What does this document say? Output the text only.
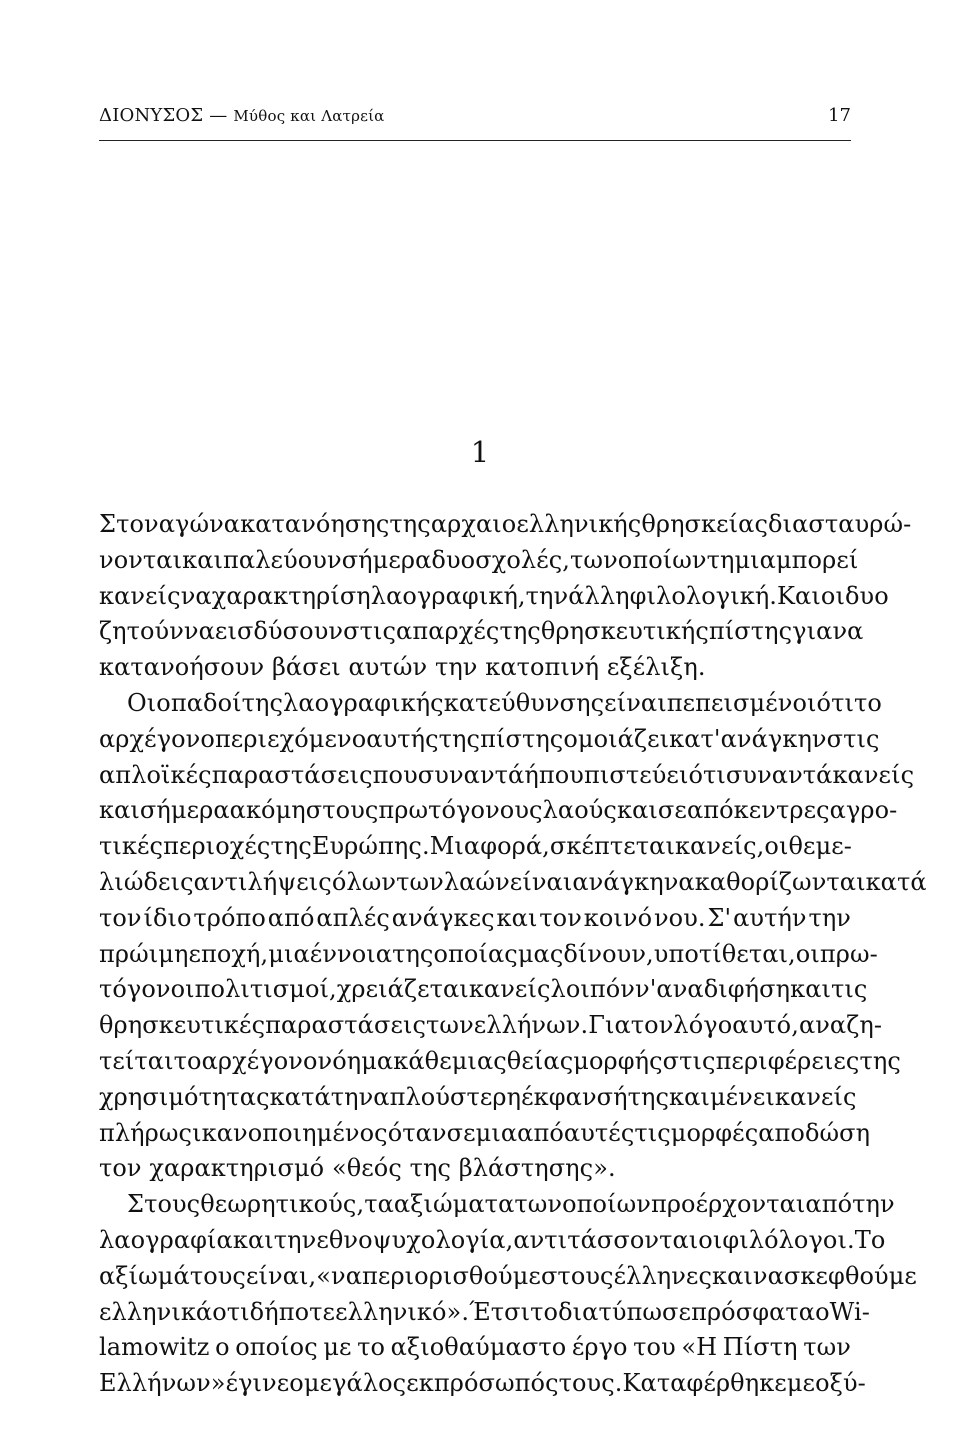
ΔΙΟΝΥΣΟΣ — Μύθος και Λατρεία	17
1
Στον αγώνα κατανόησης της αρχαιοελληνικής θρησκείας διασταυρώ-
νονται και παλεύουν σήμερα δυο σχολές, των οποίων τη μια μπορεί
κανείς να χαρακτηρίση λαογραφική, την άλλη φιλολογική. Και οι δυο
ζητούν να εισδύσουν στις απαρχές της θρησκευτικής πίστης για να
κατανοήσουν βάσει αυτών την κατοπινή εξέλιξη.
Οι οπαδοί της λαογραφικής κατεύθυνσης είναι πεπεισμένοι ότι το
αρχέγονο περιεχόμενο αυτής της πίστης ομοιάζει κατ' ανάγκην στις
απλοϊκές παραστάσεις που συναντά ή που πιστεύει ότι συναντά κανείς
και σήμερα ακόμη στους πρωτόγονους λαούς και σε απόκεντρες αγρο-
τικές περιοχές της Ευρώπης. Μια φορά, σκέπτεται κανείς, οι θεμε-
λιώδεις αντιλήψεις όλων των λαών είναι ανάγκη να καθορίζωνται κατά
τον ίδιο τρόπο από απλές ανάγκες και τον κοινό νου. Σ' αυτήν την
πρώιμη εποχή, μια έννοια της οποίας μας δίνουν, υποτίθεται, οι πρω-
τόγονοι πολιτισμοί, χρειάζεται κανείς λοιπόν ν' αναδιφήση και τις
θρησκευτικές παραστάσεις των ελλήνων. Για τον λόγο αυτό, αναζη-
τείται το αρχέγονο νόημα κάθε μιας θείας μορφής στις περιφέρειες της
χρησιμότητας κατά την απλούστερη έκφανσή της και μένει κανείς
πλήρως ικανοποιημένος όταν σε μια από αυτές τις μορφές αποδώση
τον χαρακτηρισμό «θεός της βλάστησης».
Στους θεωρητικούς, τα αξιώματα των οποίων προέρχονται από την
λαογραφία και την εθνοψυχολογία, αντιτάσσονται οι φιλόλογοι. Το
αξίωμά τους είναι, «να περιορισθούμε στους έλληνες και να σκεφθούμε
ελληνικά οτιδήποτε ελληνικό». Έτσι το διατύπωσε πρόσφατα ο Wi-
lamowitz ο οποίος με το αξιοθαύμαστο έργο του «Η Πίστη των
Ελλήνων» έγινε ο μεγάλος εκπρόσωπός τους. Καταφέρθηκε με οξύ-
